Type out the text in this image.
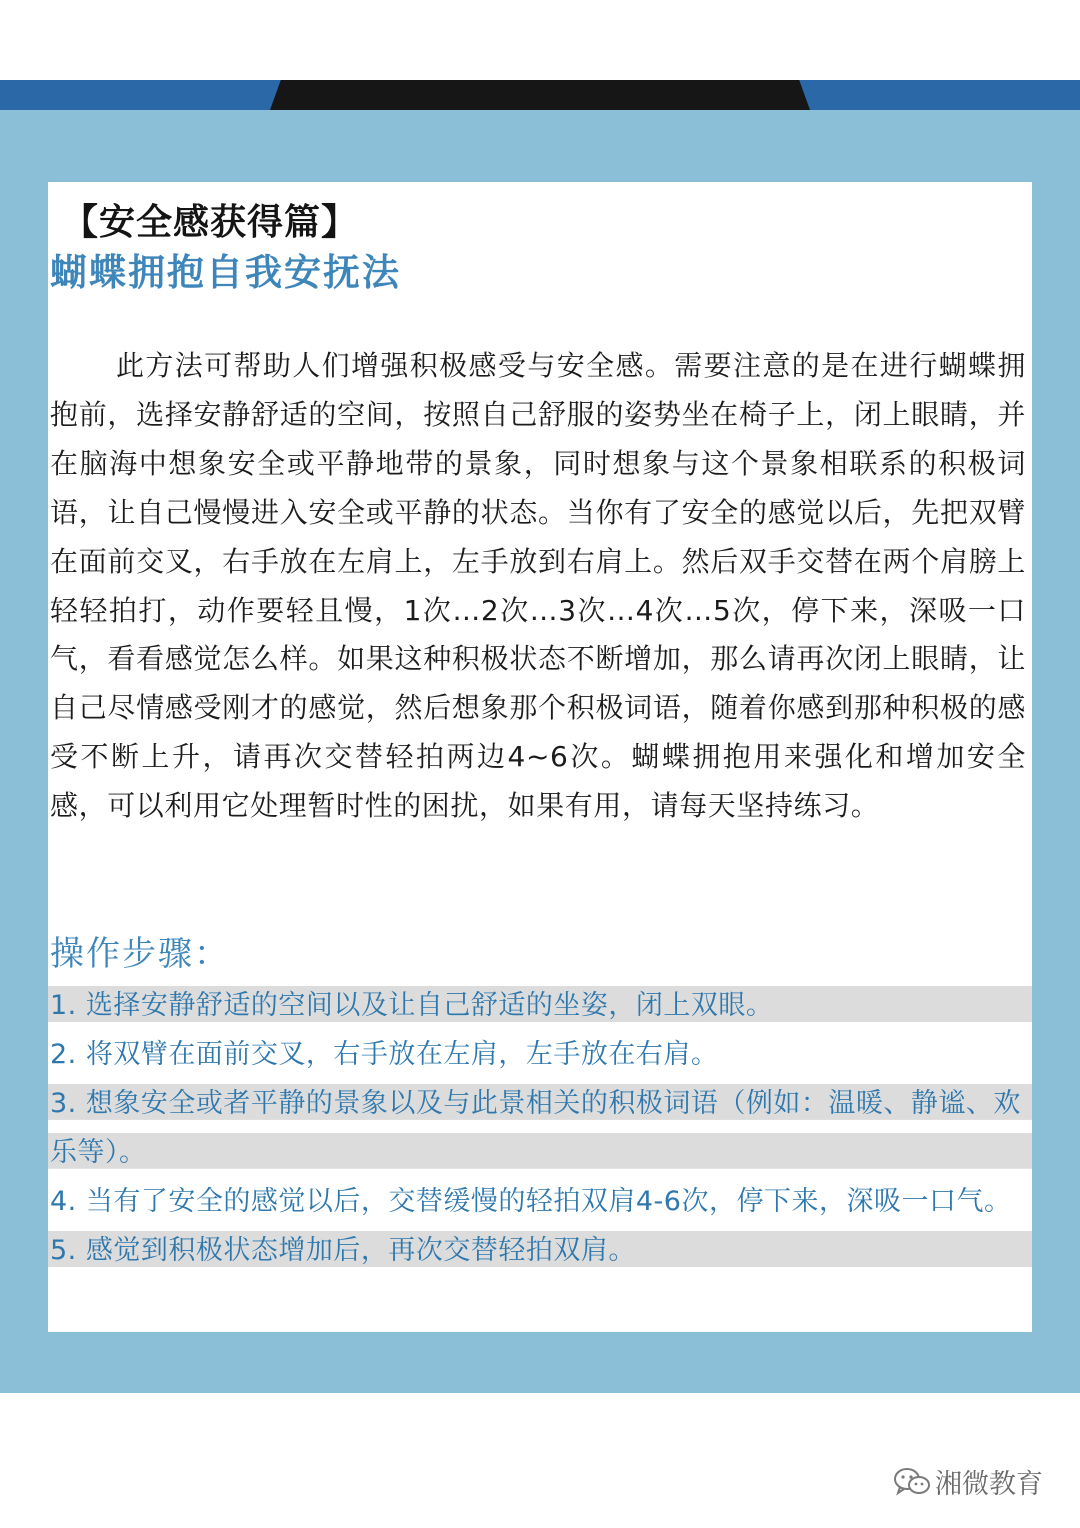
【安全感获得篇】
蝴蝶拥抱自我安抚法

此方法可帮助人们增强积极感受与安全感。需要注意的是在进行蝴蝶拥抱前，选择安静舒适的空间，按照自己舒服的姿势坐在椅子上，闭上眼睛，并在脑海中想象安全或平静地带的景象，同时想象与这个景象相联系的积极词语，让自己慢慢进入安全或平静的状态。当你有了安全的感觉以后，先把双臂在面前交叉，右手放在左肩上，左手放到右肩上。然后双手交替在两个肩膀上轻轻拍打，动作要轻且慢，1次…2次…3次…4次…5次，停下来，深吸一口气，看看感觉怎么样。如果这种积极状态不断增加，那么请再次闭上眼睛，让自己尽情感受刚才的感觉，然后想象那个积极词语，随着你感到那种积极的感受不断上升，请再次交替轻拍两边4~6次。蝴蝶拥抱用来强化和增加安全感，可以利用它处理暂时性的困扰，如果有用，请每天坚持练习。

操作步骤：
1. 选择安静舒适的空间以及让自己舒适的坐姿，闭上双眼。
2. 将双臂在面前交叉，右手放在左肩，左手放在右肩。
3. 想象安全或者平静的景象以及与此景相关的积极词语（例如：温暖、静谧、欢乐等）。
4. 当有了安全的感觉以后，交替缓慢的轻拍双肩4-6次，停下来，深吸一口气。
5. 感觉到积极状态增加后，再次交替轻拍双肩。
湘微教育
